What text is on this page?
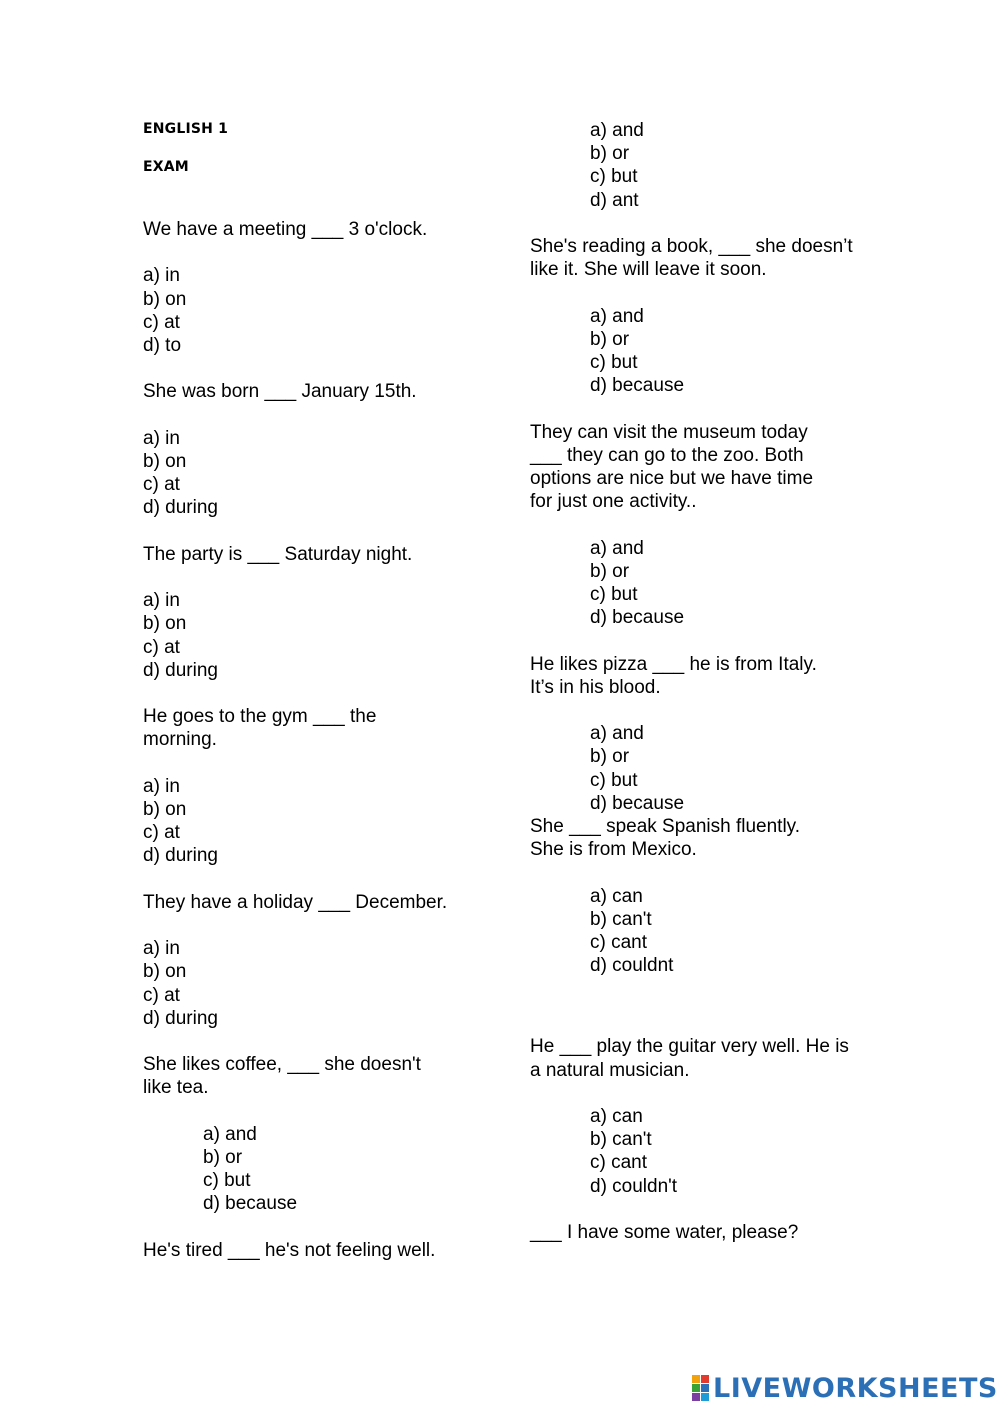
ENGLISH 1
EXAM

We have a meeting ___ 3 o'clock.

a) in
b) on
c) at
d) to

She was born ___ January 15th.

a) in
b) on
c) at
d) during

The party is ___ Saturday night.

a) in
b) on
c) at
d) during

He goes to the gym ___ the morning.

a) in
b) on
c) at
d) during

They have a holiday ___ December.

a) in
b) on
c) at
d) during

She likes coffee, ___ she doesn't like tea.

a) and
b) or
c) but
d) because

He's tired ___ he's not feeling well.

a) and
b) or
c) but
d) ant

She's reading a book, ___ she doesn’t like it. She will leave it soon.

a) and
b) or
c) but
d) because

They can visit the museum today ___ they can go to the zoo. Both options are nice but we have time for just one activity..

a) and
b) or
c) but
d) because

He likes pizza ___ he is from Italy. It’s in his blood.

a) and
b) or
c) but
d) because

She ___ speak Spanish fluently. She is from Mexico.

a) can
b) can't
c) cant
d) couldnt

He ___ play the guitar very well. He is a natural musician.

a) can
b) can't
c) cant
d) couldn't

___ I have some water, please?

LIVEWORKSHEETS
